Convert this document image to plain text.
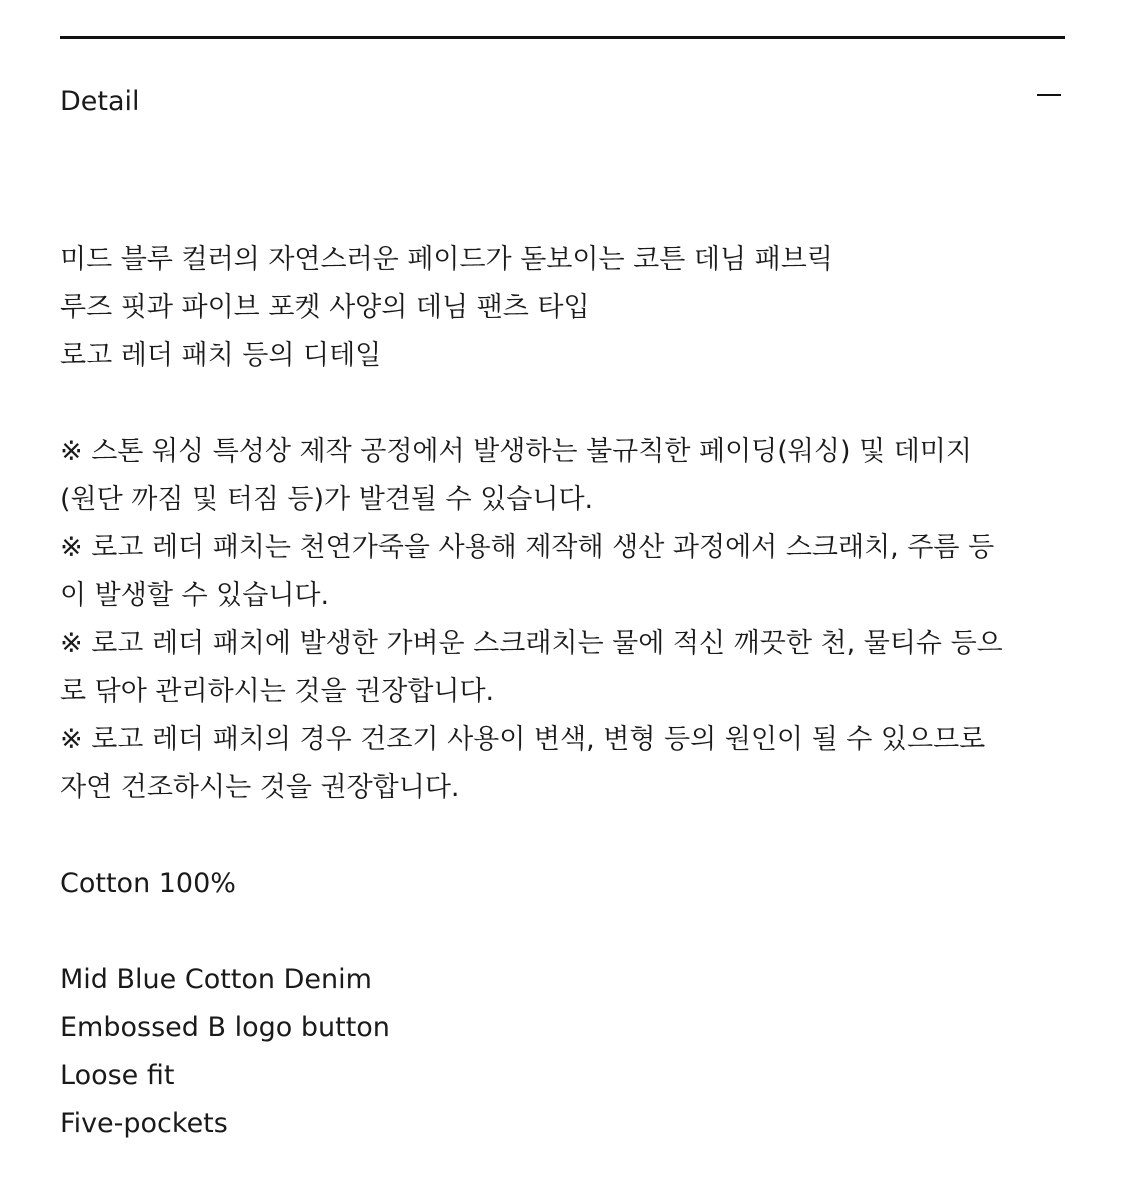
Detail

미드 블루 컬러의 자연스러운 페이드가 돋보이는 코튼 데님 패브릭

루즈 핏과 파이브 포켓 사양의 데님 팬츠 타입

로고 레더 패치 등의 디테일

※ 스톤 워싱 특성상 제작 공정에서 발생하는 불규칙한 페이딩(워싱) 및 데미지

(원단 까짐 및 터짐 등)가 발견될 수 있습니다.

※ 로고 레더 패치는 천연가죽을 사용해 제작해 생산 과정에서 스크래치, 주름 등

이 발생할 수 있습니다.

※ 로고 레더 패치에 발생한 가벼운 스크래치는 물에 적신 깨끗한 천, 물티슈 등으

로 닦아 관리하시는 것을 권장합니다.

※ 로고 레더 패치의 경우 건조기 사용이 변색, 변형 등의 원인이 될 수 있으므로

자연 건조하시는 것을 권장합니다.

Cotton 100%

Mid Blue Cotton Denim

Embossed B logo button

Loose fit

Five-pockets
